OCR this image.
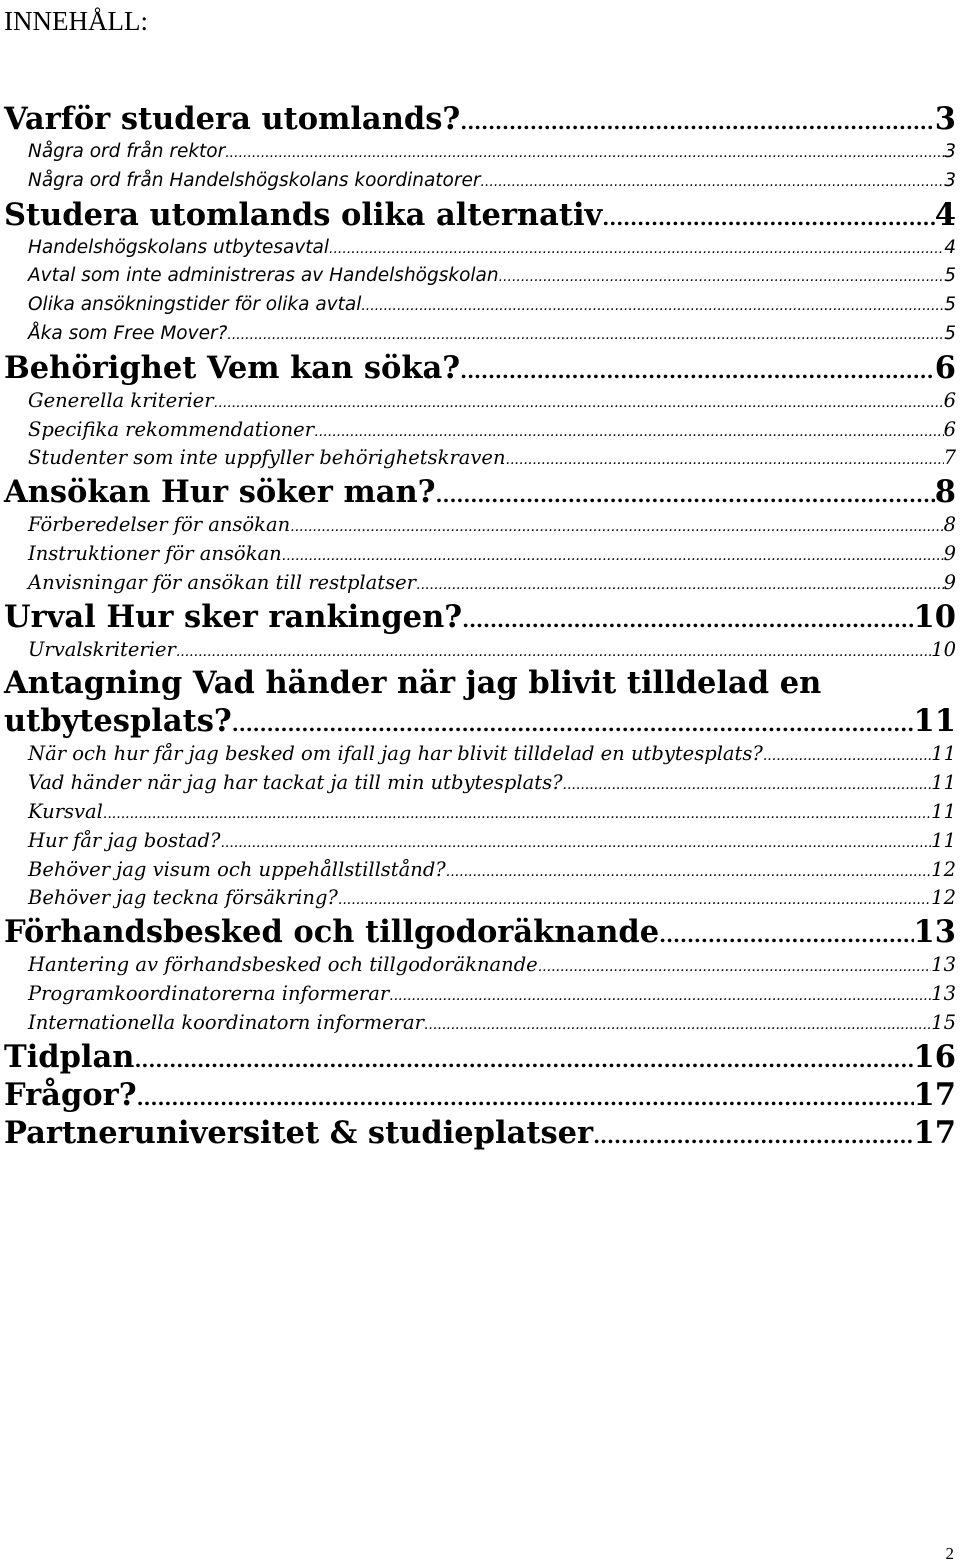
INNEHÅLL:
Varför studera utomlands? .....	3
Några ord från rektor .....	3
Några ord från Handelshögskolans koordinatorer .....	3
Studera utomlands olika alternativ .....	4
Handelshögskolans utbytesavtal .....	4
Avtal som inte administreras av Handelshögskolan .....	5
Olika ansökningstider för olika avtal .....	5
Åka som Free Mover? .....	5
Behörighet Vem kan söka? .....	6
Generella kriterier .....	6
Specifika rekommendationer .....	6
Studenter som inte uppfyller behörighetskraven .....	7
Ansökan Hur söker man? .....	8
Förberedelser för ansökan .....	8
Instruktioner för ansökan .....	9
Anvisningar för ansökan till restplatser .....	9
Urval Hur sker rankingen? .....	10
Urvalskriterier .....	10
Antagning Vad händer när jag blivit tilldelad en
utbytesplats? .....	11
När och hur får jag besked om ifall jag har blivit tilldelad en utbytesplats? .....	11
Vad händer när jag har tackat ja till min utbytesplats? .....	11
Kursval .....	11
Hur får jag bostad? .....	11
Behöver jag visum och uppehållstillstånd? .....	12
Behöver jag teckna försäkring? .....	12
Förhandsbesked och tillgodoräknande .....	13
Hantering av förhandsbesked och tillgodoräknande .....	13
Programkoordinatorerna informerar .....	13
Internationella koordinatorn informerar .....	15
Tidplan .....	16
Frågor? .....	17
Partneruniversitet & studieplatser .....	17
2
